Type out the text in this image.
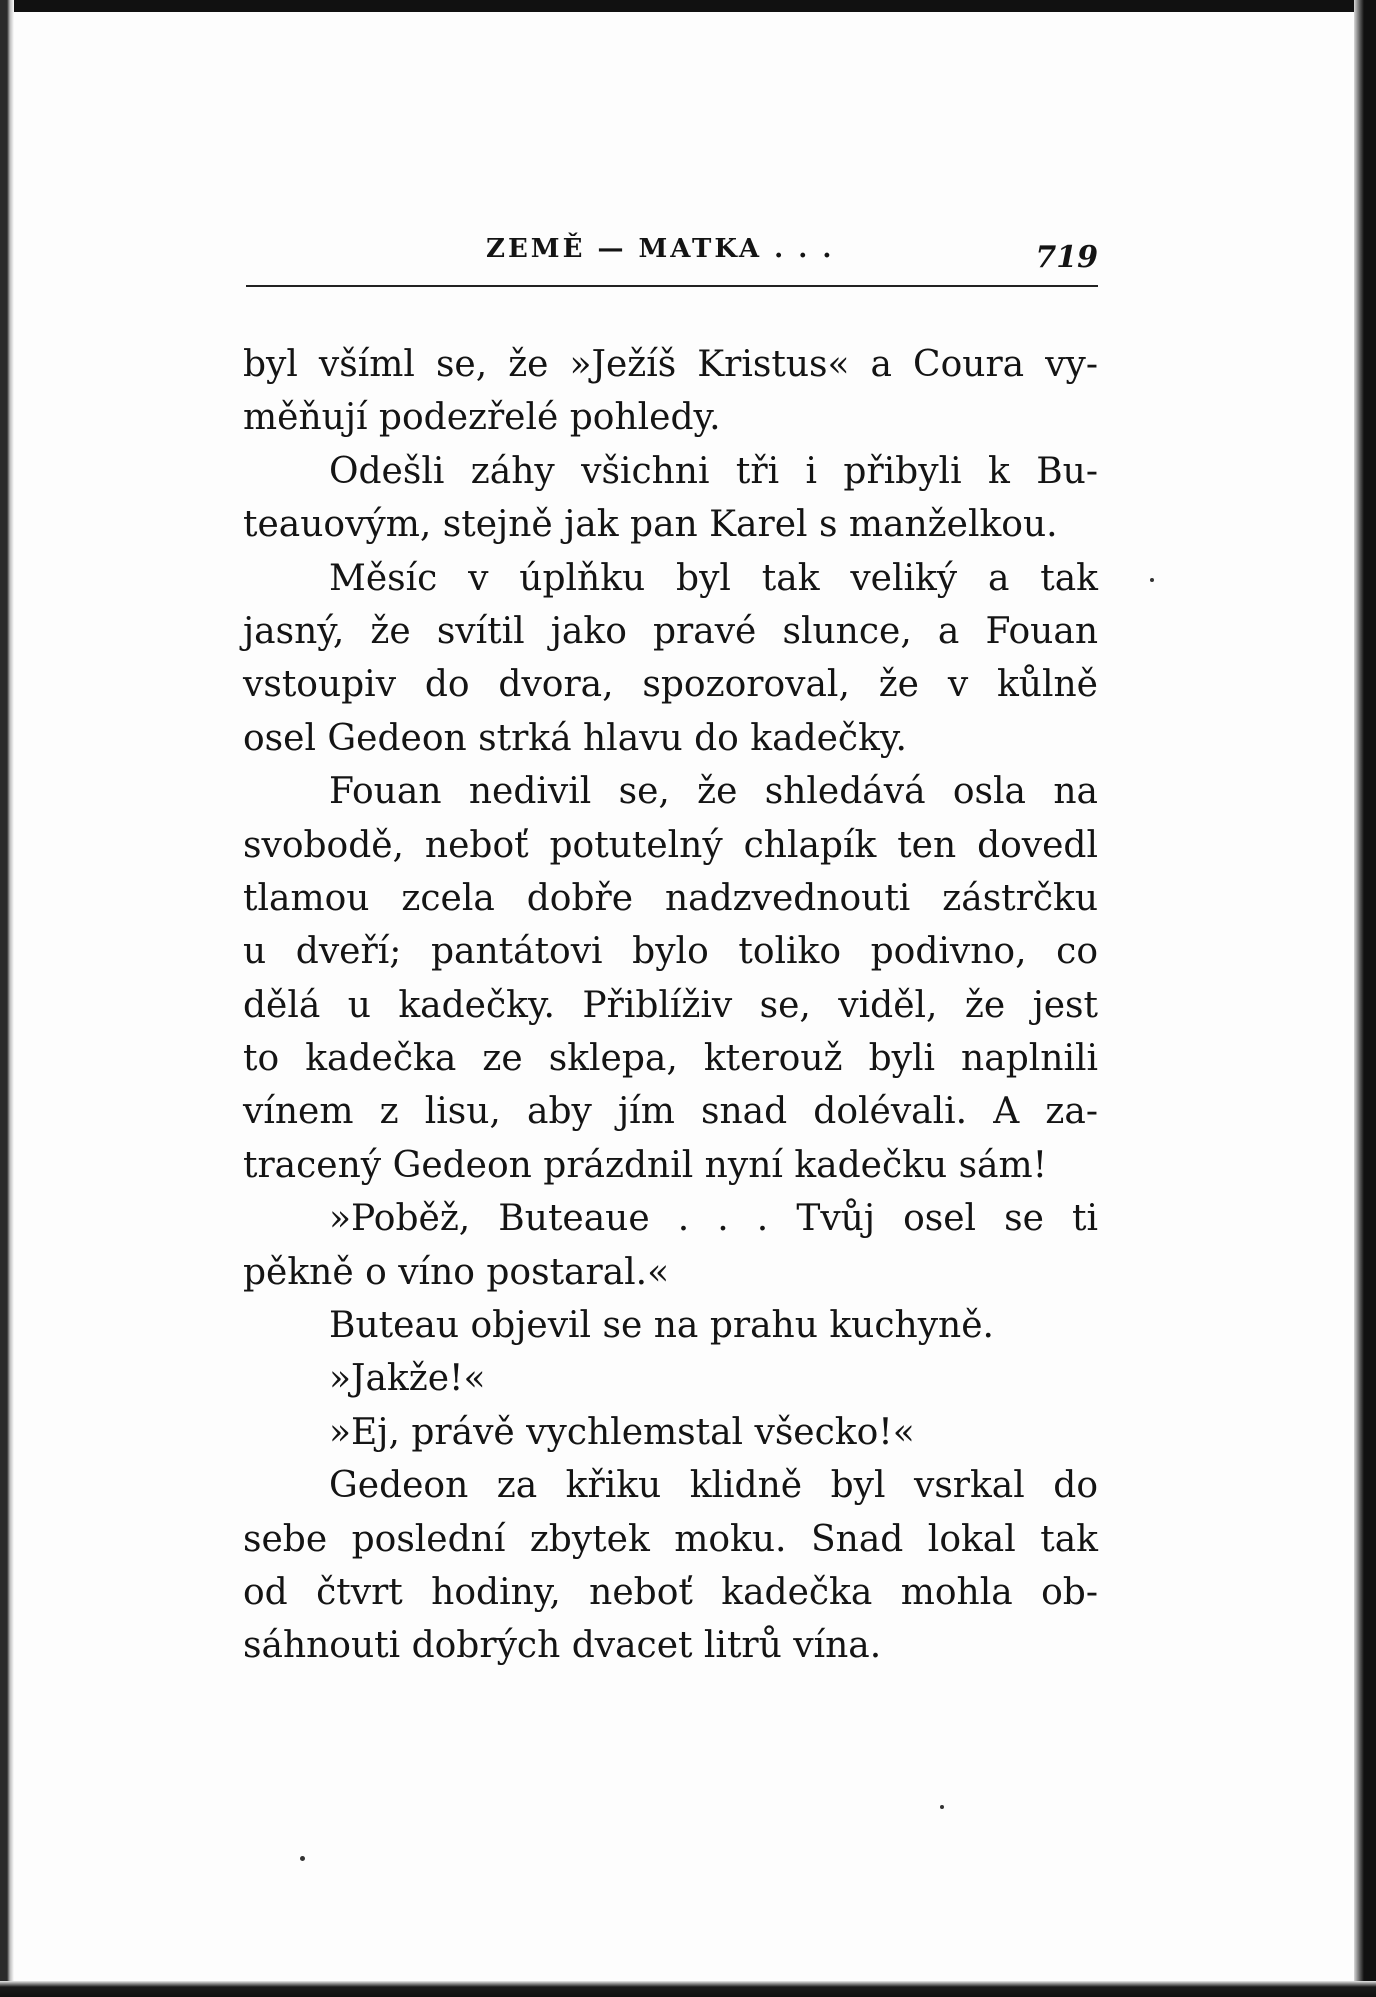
ZEMĚ — MATKA . . .	719
byl všíml se, že »Ježíš Kristus« a Coura vy-
měňují podezřelé pohledy.
Odešli záhy všichni tři i přibyli k Bu-
teauovým, stejně jak pan Karel s manželkou.
Měsíc v úplňku byl tak veliký a tak
jasný, že svítil jako pravé slunce, a Fouan
vstoupiv do dvora, spozoroval, že v kůlně
osel Gedeon strká hlavu do kadečky.
Fouan nedivil se, že shledává osla na
svobodě, neboť potutelný chlapík ten dovedl
tlamou zcela dobře nadzvednouti zástrčku
u dveří; pantátovi bylo toliko podivno, co
dělá u kadečky. Přiblíživ se, viděl, že jest
to kadečka ze sklepa, kterouž byli naplnili
vínem z lisu, aby jím snad dolévali. A za-
tracený Gedeon prázdnil nyní kadečku sám!
»Poběž, Buteaue . . . Tvůj osel se ti
pěkně o víno postaral.«
Buteau objevil se na prahu kuchyně.
»Jakže!«
»Ej, právě vychlemstal všecko!«
Gedeon za křiku klidně byl vsrkal do
sebe poslední zbytek moku. Snad lokal tak
od čtvrt hodiny, neboť kadečka mohla ob-
sáhnouti dobrých dvacet litrů vína.
